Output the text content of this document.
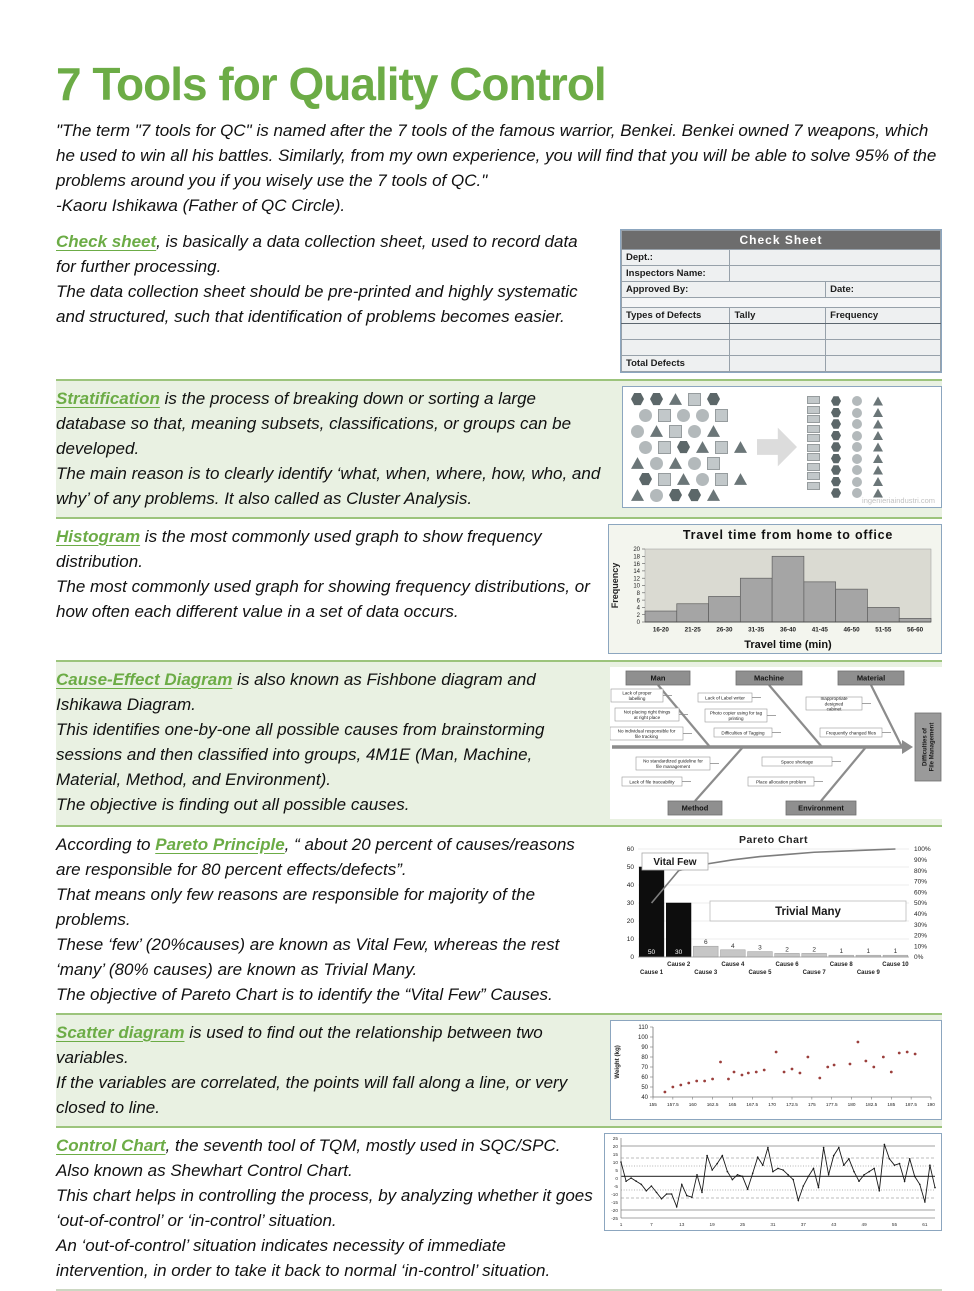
7 Tools for Quality Control

"The term "7 tools for QC" is named after the 7 tools of the famous warrior, Benkei. Benkei owned 7 weapons, which he used to win all his battles. Similarly, from my own experience, you will find that you will be able to solve 95% of the problems around you if you wisely use the 7 tools of QC."

-Kaoru Ishikawa (Father of QC Circle).

Check sheet, is basically a data collection sheet, used to record data for further processing.
The data collection sheet should be pre-printed and highly systematic and structured, such that identification of problems becomes easier.

Check Sheet		
Dept.:		
Inspectors Name:		
Approved By:		Date:

Types of Defects	Tally	Frequency

Total Defects		

Stratification is the process of breaking down or sorting a large database so that, meaning subsets, classifications, or groups can be developed.
The main reason is to clearly identify ‘what, when, where, how, who, and why’ of any problems. It also called as Cluster Analysis.	ingenieriaindustri.com

Histogram is the most commonly used graph to show frequency distribution.
The most commonly used graph for showing frequency distributions, or how often each different value in a set of data occurs.

Travel time from home to office
0
2
4
6
8
10
12
14
16
18
20
16-20 21-25 26-30 31-35 36-40 41-45 46-50 51-55 56-60
Travel time (min)
Frequency

Cause-Effect Diagram is also known as Fishbone diagram and Ishikawa Diagram.
This identifies one-by-one all possible causes from brainstorming sessions and then classified into groups, 4M1E (Man, Machine, Material, Method, and Environment).
The objective is finding out all possible causes.

Difficulties of File Management
Man
Lack of proper
labelling
Not placing right things
at right place
No individual responsible for
file tracking
Machine
Lack of Label writer
Photo copier using for tag
printing
Difficulties of Tagging
Material
Inappropriate
designed
cabinet
Frequently changed files
Method
No standardized guideline for
file management
Lack of file traceability
Environment
Space shortage
Place allocation problem

According to Pareto Principle, “ about 20 percent of causes/reasons are responsible for 80 percent effects/defects”.
That means only few reasons are responsible for majority of the problems.
These ‘few’ (20%causes) are known as Vital Few, whereas the rest ‘many’ (80% causes) are known as Trivial Many.
The objective of Pareto Chart is to identify the “Vital Few” Causes.

Pareto Chart
0
10
20
30
40
50
60
0%
10%
20%
30%
40%
50%
60%
70%
80%
90%
100%
50	30
6
4	3	2	2	1	1	1
Vital Few
Trivial Many
Cause 1
Cause 2
Cause 3
Cause 4
Cause 5
Cause 6
Cause 7
Cause 8
Cause 9
Cause 10

Scatter diagram is used to find out the relationship between two variables.
If the variables are correlated, the points will fall along a line, or very closed to line.	40
50
60
70
80
90
100
110
155 157.5 160 162.5 165 167.5 170 172.5 175 177.5 180 182.5 185 187.5 190
Weight (kg)

Control Chart, the seventh tool of TQM, mostly used in SQC/SPC.
Also known as Shewhart Control Chart.
This chart helps in controlling the process, by analyzing whether it goes ‘out-of-control’ or ‘in-control’ situation.
An ‘out-of-control’ situation indicates necessity of immediate intervention, in order to take it back to normal ‘in-control’ situation.

-25
-20
-15
-10
-5
0
5
10
15
20
25
1	7	13	19	25	31	37	43	49	55	61
